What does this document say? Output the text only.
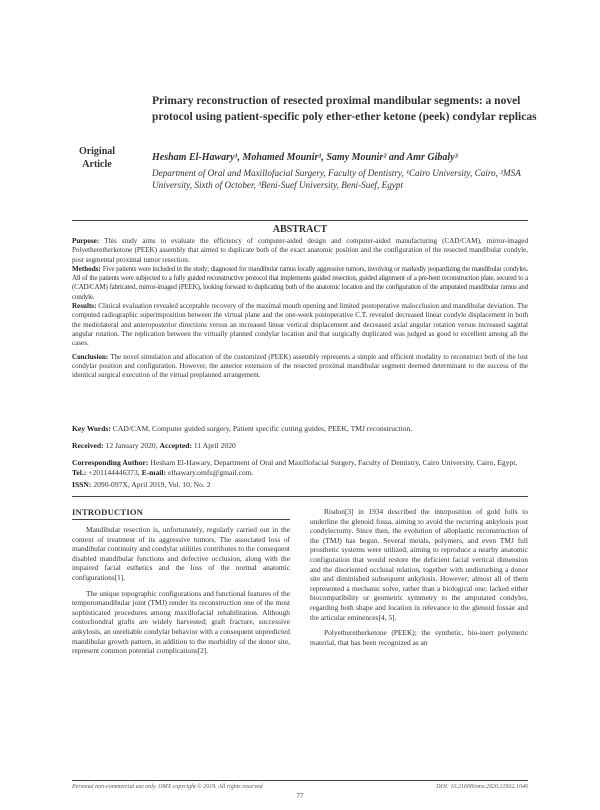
Original
Article
Primary reconstruction of resected proximal mandibular segments: a novel protocol using patient-specific poly ether-ether ketone (peek) condylar replicas
Hesham El-Hawary¹, Mohamed Mounir¹, Samy Mounir² and Amr Gibaly³
Department of Oral and Maxillofacial Surgery, Faculty of Dentistry, ¹Cairo University, Cairo, ²MSA University, Sixth of October, ³Beni-Suef University, Beni-Suef, Egypt
ABSTRACT

Purpose: This study aims to evaluate the efficiency of computer-aided design and computer-aided manufacturing (CAD/CAM), mirror-imaged Polyetheretherketone (PEEK) assembly that aimed to duplicate both of the exact anatomic position and the configuration of the resected mandibular condyle, post segmental proximal tumor resection.

Methods: Five patients were included in the study; diagnosed for mandibular ramus locally aggressive tumors, involving or markedly jeopardizing the mandibular condyles. All of the patients were subjected to a fully guided reconstructive protocol that implements guided resection, guided alignment of a pre-bent reconstruction plate, secured to a (CAD/CAM) fabricated, mirror-imaged (PEEK), looking forward to duplicating both of the anatomic location and the configuration of the amputated mandibular ramus and condyle.

Results: Clinical evaluation revealed acceptable recovery of the maximal mouth opening and limited postoperative malocclusion and mandibular deviation. The computed radiographic superimposition between the virtual plane and the one-week postoperative C.T. revealed decreased linear condyle displacement in both the mediolateral and anteroposterior directions versus an increased linear vertical displacement and decreased axial angular rotation versus increased sagittal angular rotation. The replication between the virtually planned condylar location and that surgically duplicated was judged as good to excellent among all the cases.

Conclusion: The novel simulation and allocation of the customized (PEEK) assembly represents a simple and efficient modality to reconstruct both of the lost condylar position and configuration. However, the anterior extension of the resected proximal mandibular segment deemed determinant to the success of the identical surgical execution of the virtual preplanned arrangement.

Key Words: CAD/CAM, Computer guided surgery, Patient specific cutting guides, PEEK, TMJ reconstruction.
Received: 12 January 2020, Accepted: 11 April 2020
Corresponding Author: Hesham El-Hawary, Department of Oral and Maxillofacial Surgery, Faculty of Dentistry, Cairo University, Cairo, Egypt, Tel.: +201144446373, E-mail: elhawary.omfs@gmail.com.
ISSN: 2090-097X, April 2019, Vol. 10, No. 2
INTRODUCTION

Mandibular resection is, unfortunately, regularly carried out in the context of treatment of its aggressive tumors. The associated loss of mandibular continuity and condylar utilities contributes to the consequent disabled mandibular functions and defective occlusion, along with the impaired facial esthetics and the loss of the normal anatomic configurations[1].

The unique topographic configurations and functional features of the temporomandibular joint (TMJ) render its reconstruction one of the most sophisticated procedures among maxillofacial rehabilitation. Although costochondral grafts are widely harvested; graft fracture, successive ankylosis, an unreliable condylar behavior with a consequent unpredicted mandibular growth pattern, in addition to the morbidity of the donor site, represent common potential complications[2].

Risdon[3] in 1934 described the interposition of gold foils to underline the glenoid fossa, aiming to avoid the recurring ankylosis post condylectomy. Since then, the evolution of alloplastic reconstruction of the (TMJ) has begun. Several metals, polymers, and even TMJ full prosthetic systems were utilized, aiming to reproduce a nearby anatomic configuration that would restore the deficient facial vertical dimension and the disoriented occlusal relation, together with undisturbing a donor site and diminished subsequent ankylosis. However; almost all of them represented a mechanic solve, rather than a biological one; lacked either biocompatibility or geometric symmetry to the amputated condyles, regarding both shape and location in relevance to the glenoid fossae and the articular eminences[4, 5].

Polyetheretherketone (PEEK); the synthetic, bio-inert polymeric material, that has been recognized as an

Personal non-commercial use only. OMX copyright © 2019. All rights reserved	DOI: 10.21608/omx.2020.21932.1046
77
